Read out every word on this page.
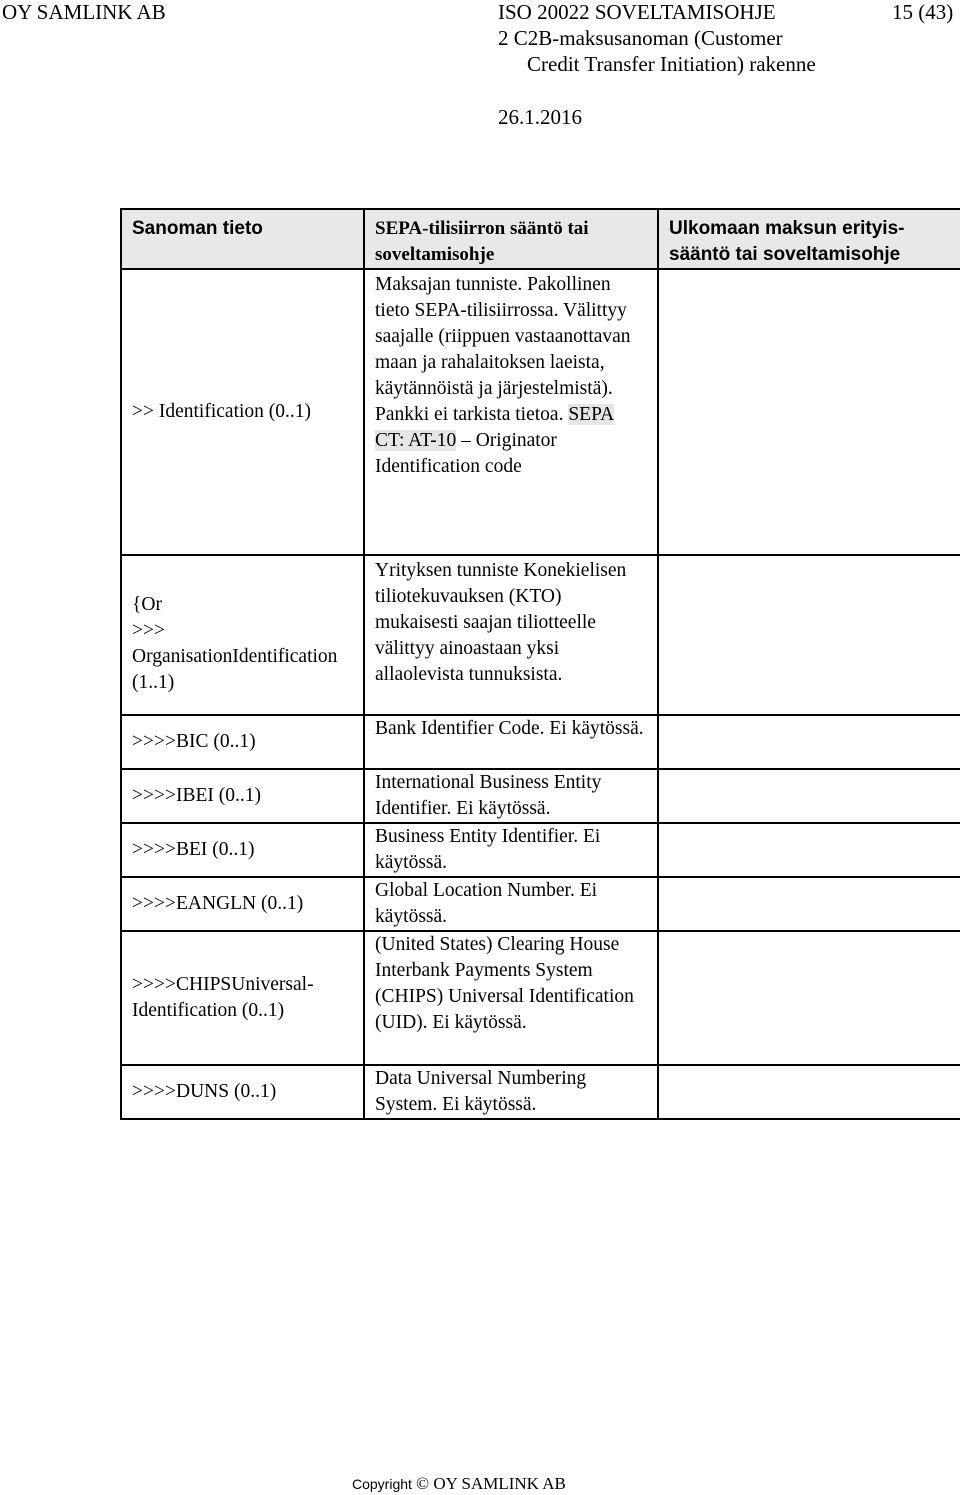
OY SAMLINK AB	ISO 20022 SOVELTAMISOHJE	15 (43)
2 C2B-maksusanoman (Customer
Credit Transfer Initiation) rakenne
26.1.2016
Sanoman tieto	SEPA-tilisiirron sääntö tai soveltamisohje	Ulkomaan maksun erityis-sääntö tai soveltamisohje
>> Identification (0..1)	Maksajan tunniste. Pakollinen tieto SEPA-tilisiirrossa. Välittyy saajalle (riippuen vastaanottavan maan ja rahalaitoksen laeista, käytännöistä ja järjestelmistä). Pankki ei tarkista tietoa. SEPA CT: AT-10 – Originator Identification code	

{Or
>>>
OrganisationIdentification (1..1)	Yrityksen tunniste Konekielisen tiliotekuvauksen (KTO) mukaisesti saajan tiliotteelle välittyy ainoastaan yksi allaolevista tunnuksista.	
>>>>BIC (0..1)	Bank Identifier Code. Ei käytössä.	
>>>>IBEI (0..1)	International Business Entity Identifier. Ei käytössä.	
>>>>BEI (0..1)	Business Entity Identifier. Ei käytössä.	
>>>>EANGLN (0..1)	Global Location Number. Ei käytössä.	
>>>>CHIPSUniversal-Identification (0..1)	(United States) Clearing House Interbank Payments System (CHIPS) Universal Identification (UID). Ei käytössä.	
>>>>DUNS (0..1)	Data Universal Numbering System. Ei käytössä.	
Copyright © OY SAMLINK AB
